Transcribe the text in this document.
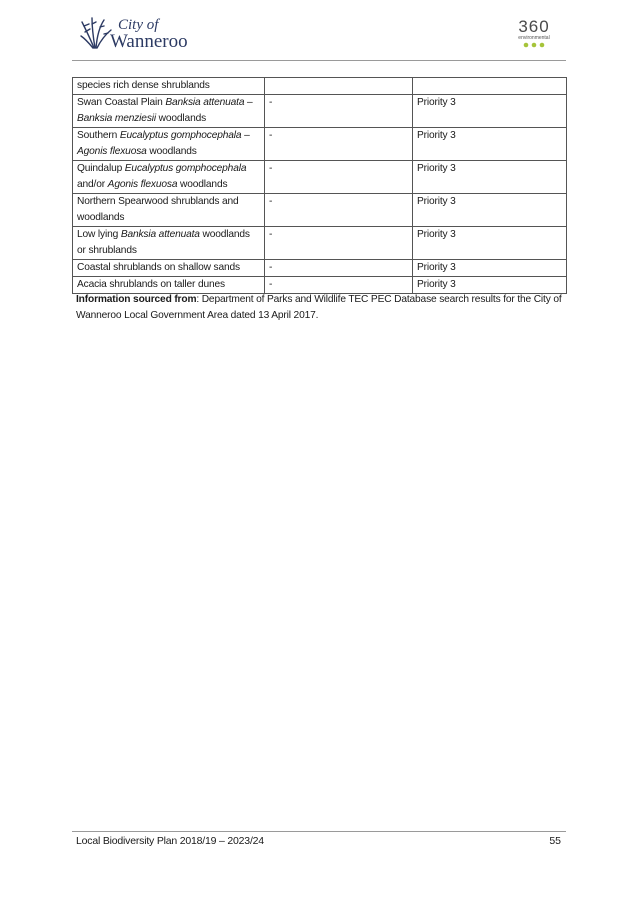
City of
Wanneroo
360
environmental
species rich dense shrublands		
Swan Coastal Plain Banksia attenuata – Banksia menziesii woodlands	-	Priority 3
Southern Eucalyptus gomphocephala – Agonis flexuosa woodlands	-	Priority 3
Quindalup Eucalyptus gomphocephala and/or Agonis flexuosa woodlands	-	Priority 3
Northern Spearwood shrublands and woodlands	-	Priority 3
Low lying Banksia attenuata woodlands or shrublands	-	Priority 3
Coastal shrublands on shallow sands	-	Priority 3
Acacia shrublands on taller dunes	-	Priority 3
Information sourced from: Department of Parks and Wildlife TEC PEC Database search results for the City of Wanneroo Local Government Area dated 13 April 2017.
Local Biodiversity Plan 2018/19 – 2023/24	55
